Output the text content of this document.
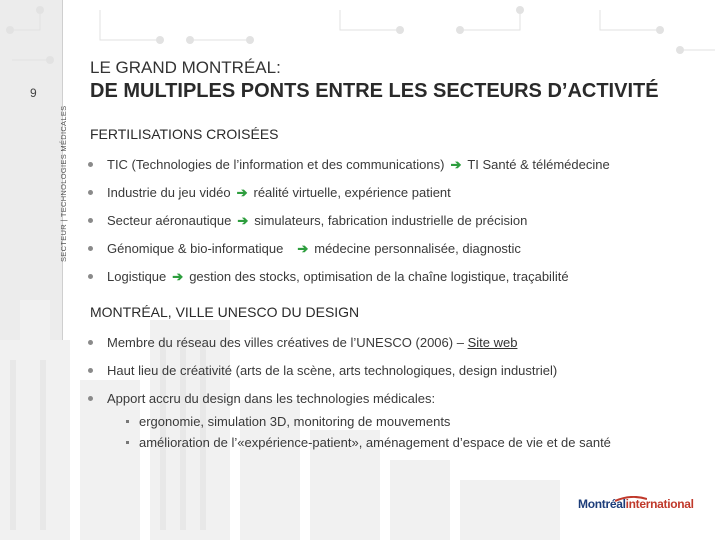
9
SECTEUR | TECHNOLOGIES MÉDICALES
LE GRAND MONTRÉAL:
DE MULTIPLES PONTS ENTRE LES SECTEURS D’ACTIVITÉ
FERTILISATIONS CROISÉES
TIC (Technologies de l’information et des communications) ➔ TI Santé & télémédecine
Industrie du jeu vidéo ➔ réalité virtuelle, expérience patient
Secteur aéronautique ➔ simulateurs, fabrication industrielle de précision
Génomique & bio-informatique ➔ médecine personnalisée, diagnostic
Logistique ➔ gestion des stocks, optimisation de la chaîne logistique, traçabilité
MONTRÉAL, VILLE UNESCO DU DESIGN
Membre du réseau des villes créatives de l’UNESCO (2006) – Site web
Haut lieu de créativité (arts de la scène, arts technologiques, design industriel)
Apport accru du design dans les technologies médicales:
ergonomie, simulation 3D, monitoring de mouvements
amélioration de l’«expérience-patient», aménagement d’espace de vie et de santé
Montréalinternational
